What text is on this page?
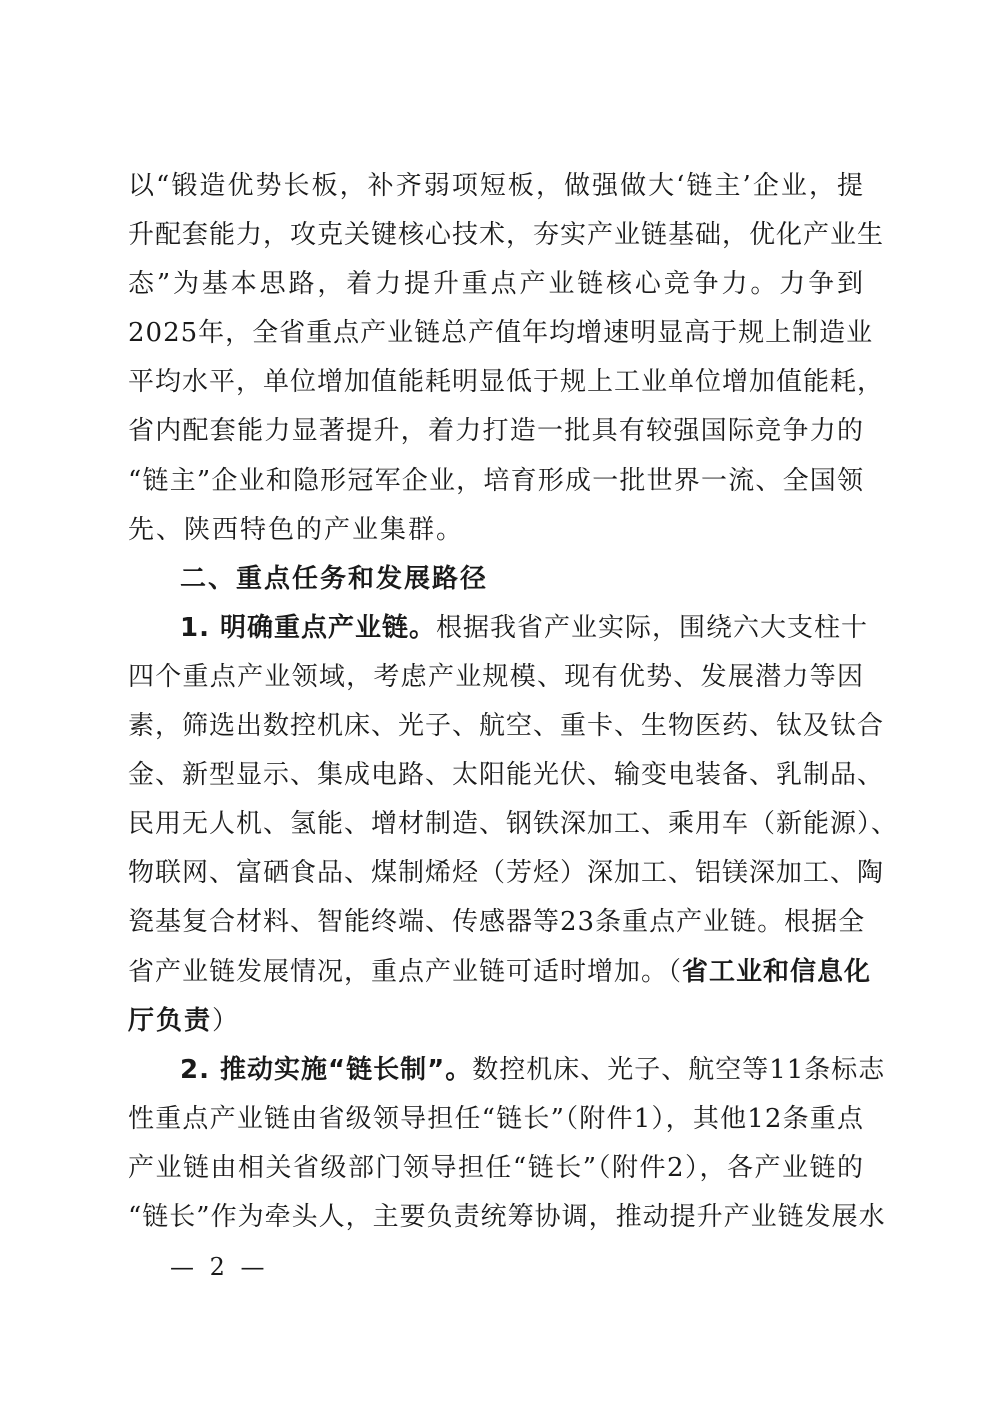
以“锻造优势长板，补齐弱项短板，做强做大‘链主’企业，提
升配套能力，攻克关键核心技术，夯实产业链基础，优化产业生
态”为基本思路，着力提升重点产业链核心竞争力。力争到
2025年，全省重点产业链总产值年均增速明显高于规上制造业
平均水平，单位增加值能耗明显低于规上工业单位增加值能耗，
省内配套能力显著提升，着力打造一批具有较强国际竞争力的
“链主”企业和隐形冠军企业，培育形成一批世界一流、全国领
先、陕西特色的产业集群。
二、重点任务和发展路径
1. 明确重点产业链。根据我省产业实际，围绕六大支柱十
四个重点产业领域，考虑产业规模、现有优势、发展潜力等因
素，筛选出数控机床、光子、航空、重卡、生物医药、钛及钛合
金、新型显示、集成电路、太阳能光伏、输变电装备、乳制品、
民用无人机、氢能、增材制造、钢铁深加工、乘用车（新能源）、
物联网、富硒食品、煤制烯烃（芳烃）深加工、铝镁深加工、陶
瓷基复合材料、智能终端、传感器等23条重点产业链。根据全
省产业链发展情况，重点产业链可适时增加。（省工业和信息化
厅负责）
2. 推动实施“链长制”。数控机床、光子、航空等11条标志
性重点产业链由省级领导担任“链长”（附件1），其他12条重点
产业链由相关省级部门领导担任“链长”（附件2），各产业链的
“链长”作为牵头人，主要负责统筹协调，推动提升产业链发展水
— 2 —
